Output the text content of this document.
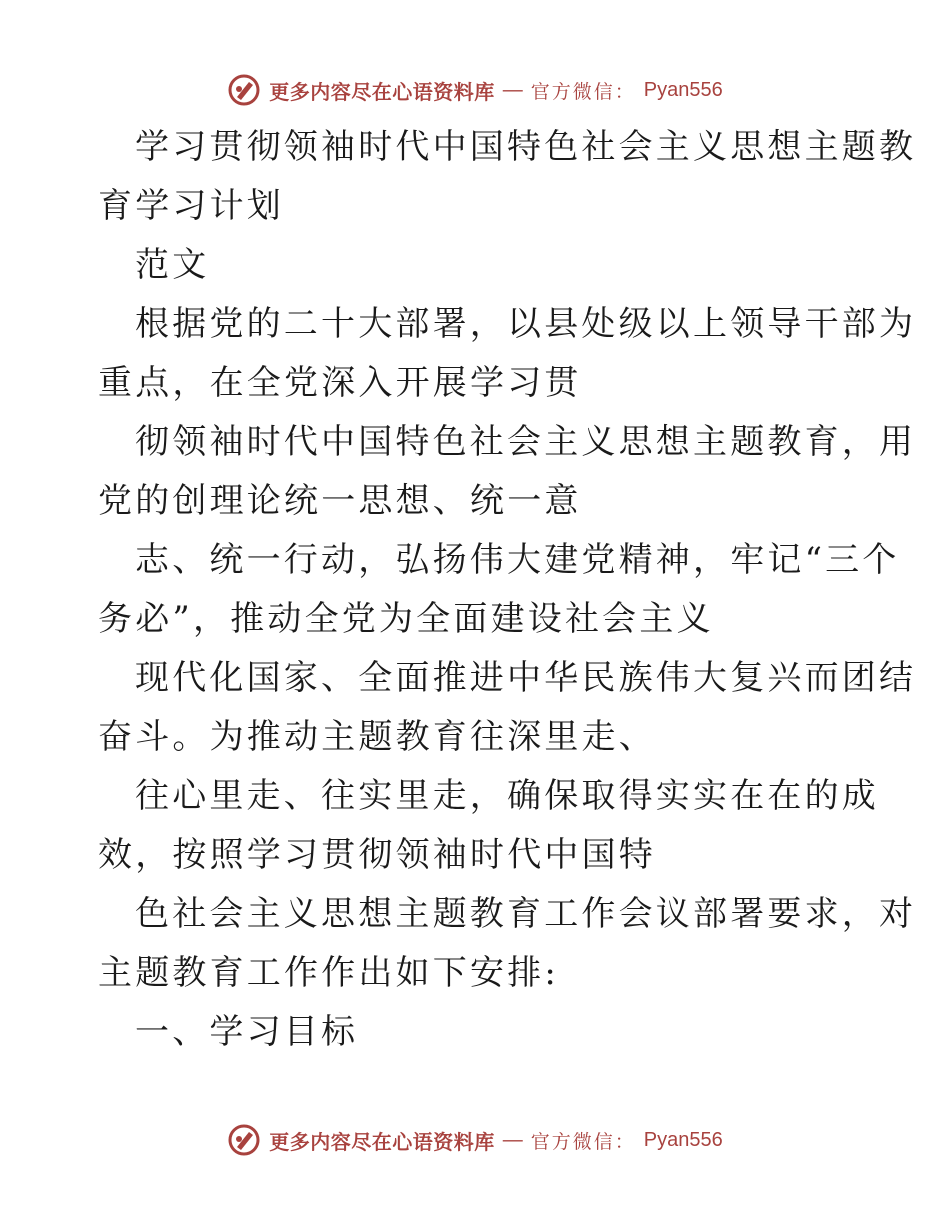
更多内容尽在心语资料库 — 官方微信： Pyan556

学习贯彻领袖时代中国特色社会主义思想主题教

育学习计划

范文

根据党的二十大部署，以县处级以上领导干部为

重点，在全党深入开展学习贯

彻领袖时代中国特色社会主义思想主题教育，用

党的创理论统一思想、统一意

志、统一行动，弘扬伟大建党精神，牢记“三个

务必”，推动全党为全面建设社会主义

现代化国家、全面推进中华民族伟大复兴而团结

奋斗。为推动主题教育往深里走、

往心里走、往实里走，确保取得实实在在的成

效，按照学习贯彻领袖时代中国特

色社会主义思想主题教育工作会议部署要求，对

主题教育工作作出如下安排:

一、学习目标

更多内容尽在心语资料库 — 官方微信： Pyan556
